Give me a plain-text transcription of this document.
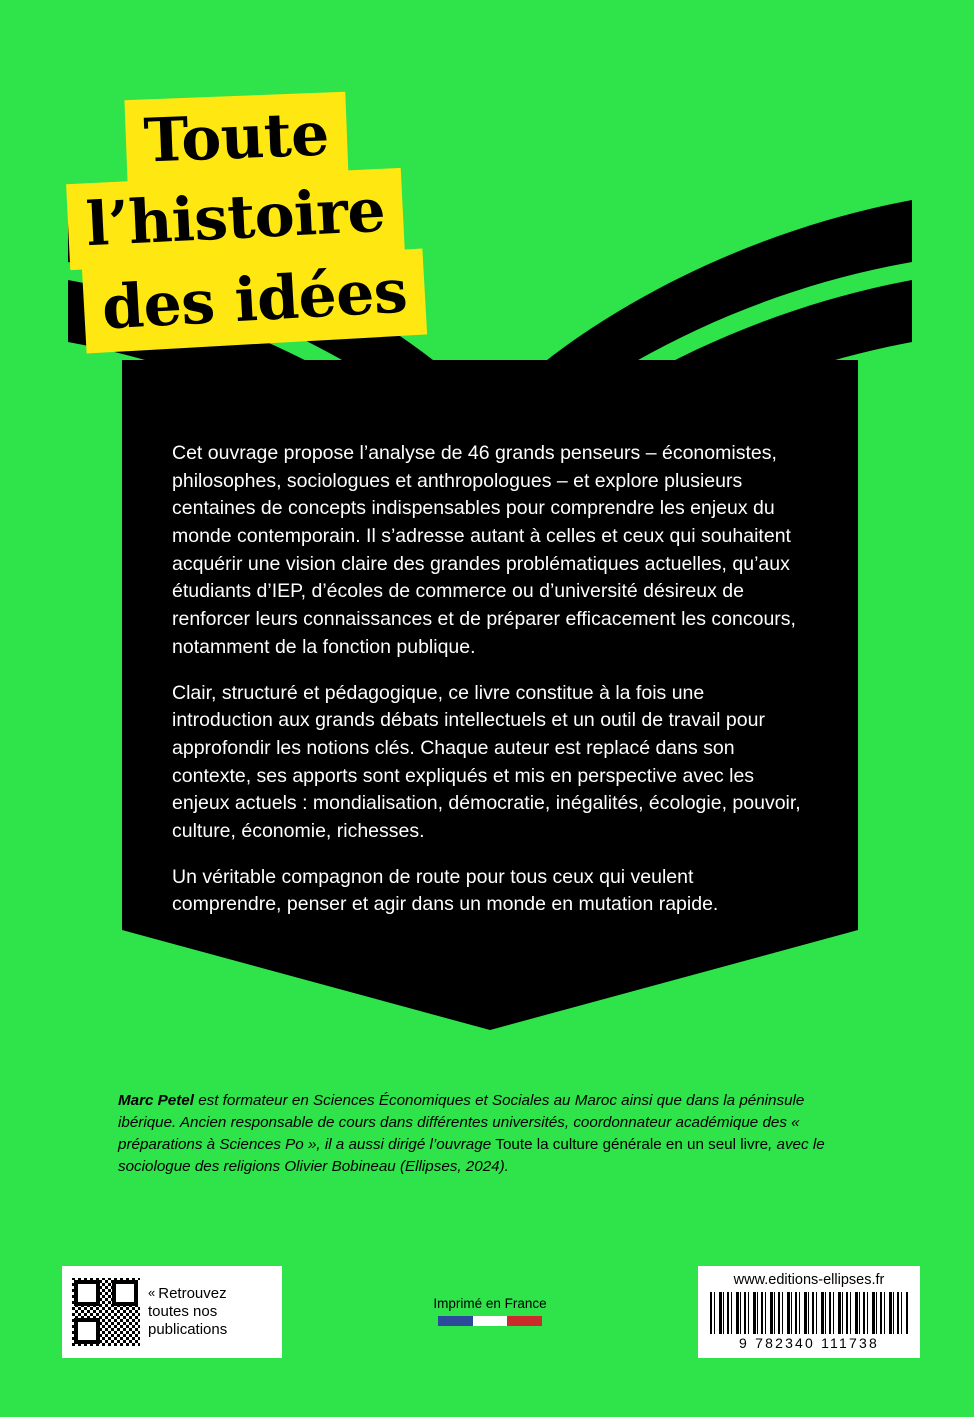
Toute l’histoire des idées

Cet ouvrage propose l’analyse de 46 grands penseurs – économistes, philosophes, sociologues et anthropologues – et explore plusieurs centaines de concepts indispensables pour comprendre les enjeux du monde contemporain. Il s’adresse autant à celles et ceux qui souhaitent acquérir une vision claire des grandes problématiques actuelles, qu’aux étudiants d’IEP, d’écoles de commerce ou d’université désireux de renforcer leurs connaissances et de préparer efficacement les concours, notamment de la fonction publique.

Clair, structuré et pédagogique, ce livre constitue à la fois une introduction aux grands débats intellectuels et un outil de travail pour approfondir les notions clés. Chaque auteur est replacé dans son contexte, ses apports sont expliqués et mis en perspective avec les enjeux actuels : mondialisation, démocratie, inégalités, écologie, pouvoir, culture, économie, richesses.

Un véritable compagnon de route pour tous ceux qui veulent comprendre, penser et agir dans un monde en mutation rapide.

Marc Petel est formateur en Sciences Économiques et Sociales au Maroc ainsi que dans la péninsule ibérique. Ancien responsable de cours dans différentes universités, coordonnateur académique des « préparations à Sciences Po », il a aussi dirigé l’ouvrage Toute la culture générale en un seul livre, avec le sociologue des religions Olivier Bobineau (Ellipses, 2024).
« Retrouvez
toutes nos
publications
Imprimé en France
www.editions-ellipses.fr
9 782340 111738
